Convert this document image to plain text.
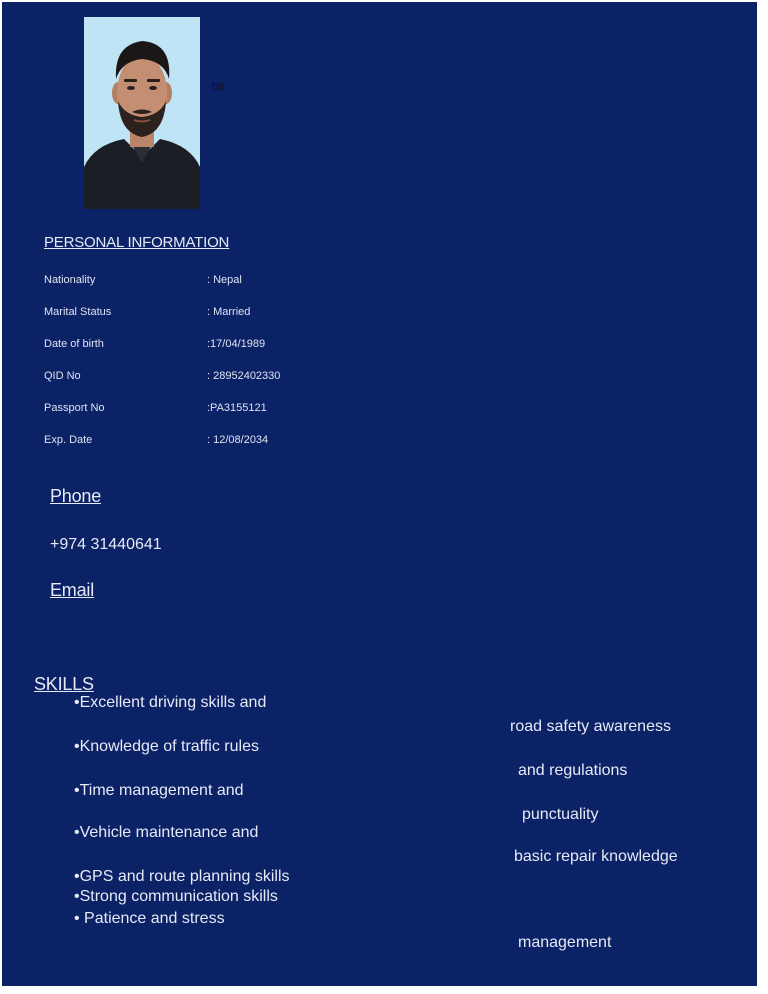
Dil
PERSONAL INFORMATION
Nationality	: Nepal
Marital Status	: Married
Date of birth	:17/04/1989
QID No	: 28952402330
Passport No	:PA3155121
Exp. Date	: 12/08/2034
Phone
+974 31440641
Email
SKILLS
•Excellent driving skills and
•Knowledge of traffic rules
•Time management and
•Vehicle maintenance and
•GPS and route planning skills
•Strong communication skills
• Patience and stress
road safety awareness
and regulations
punctuality
basic repair knowledge
management
